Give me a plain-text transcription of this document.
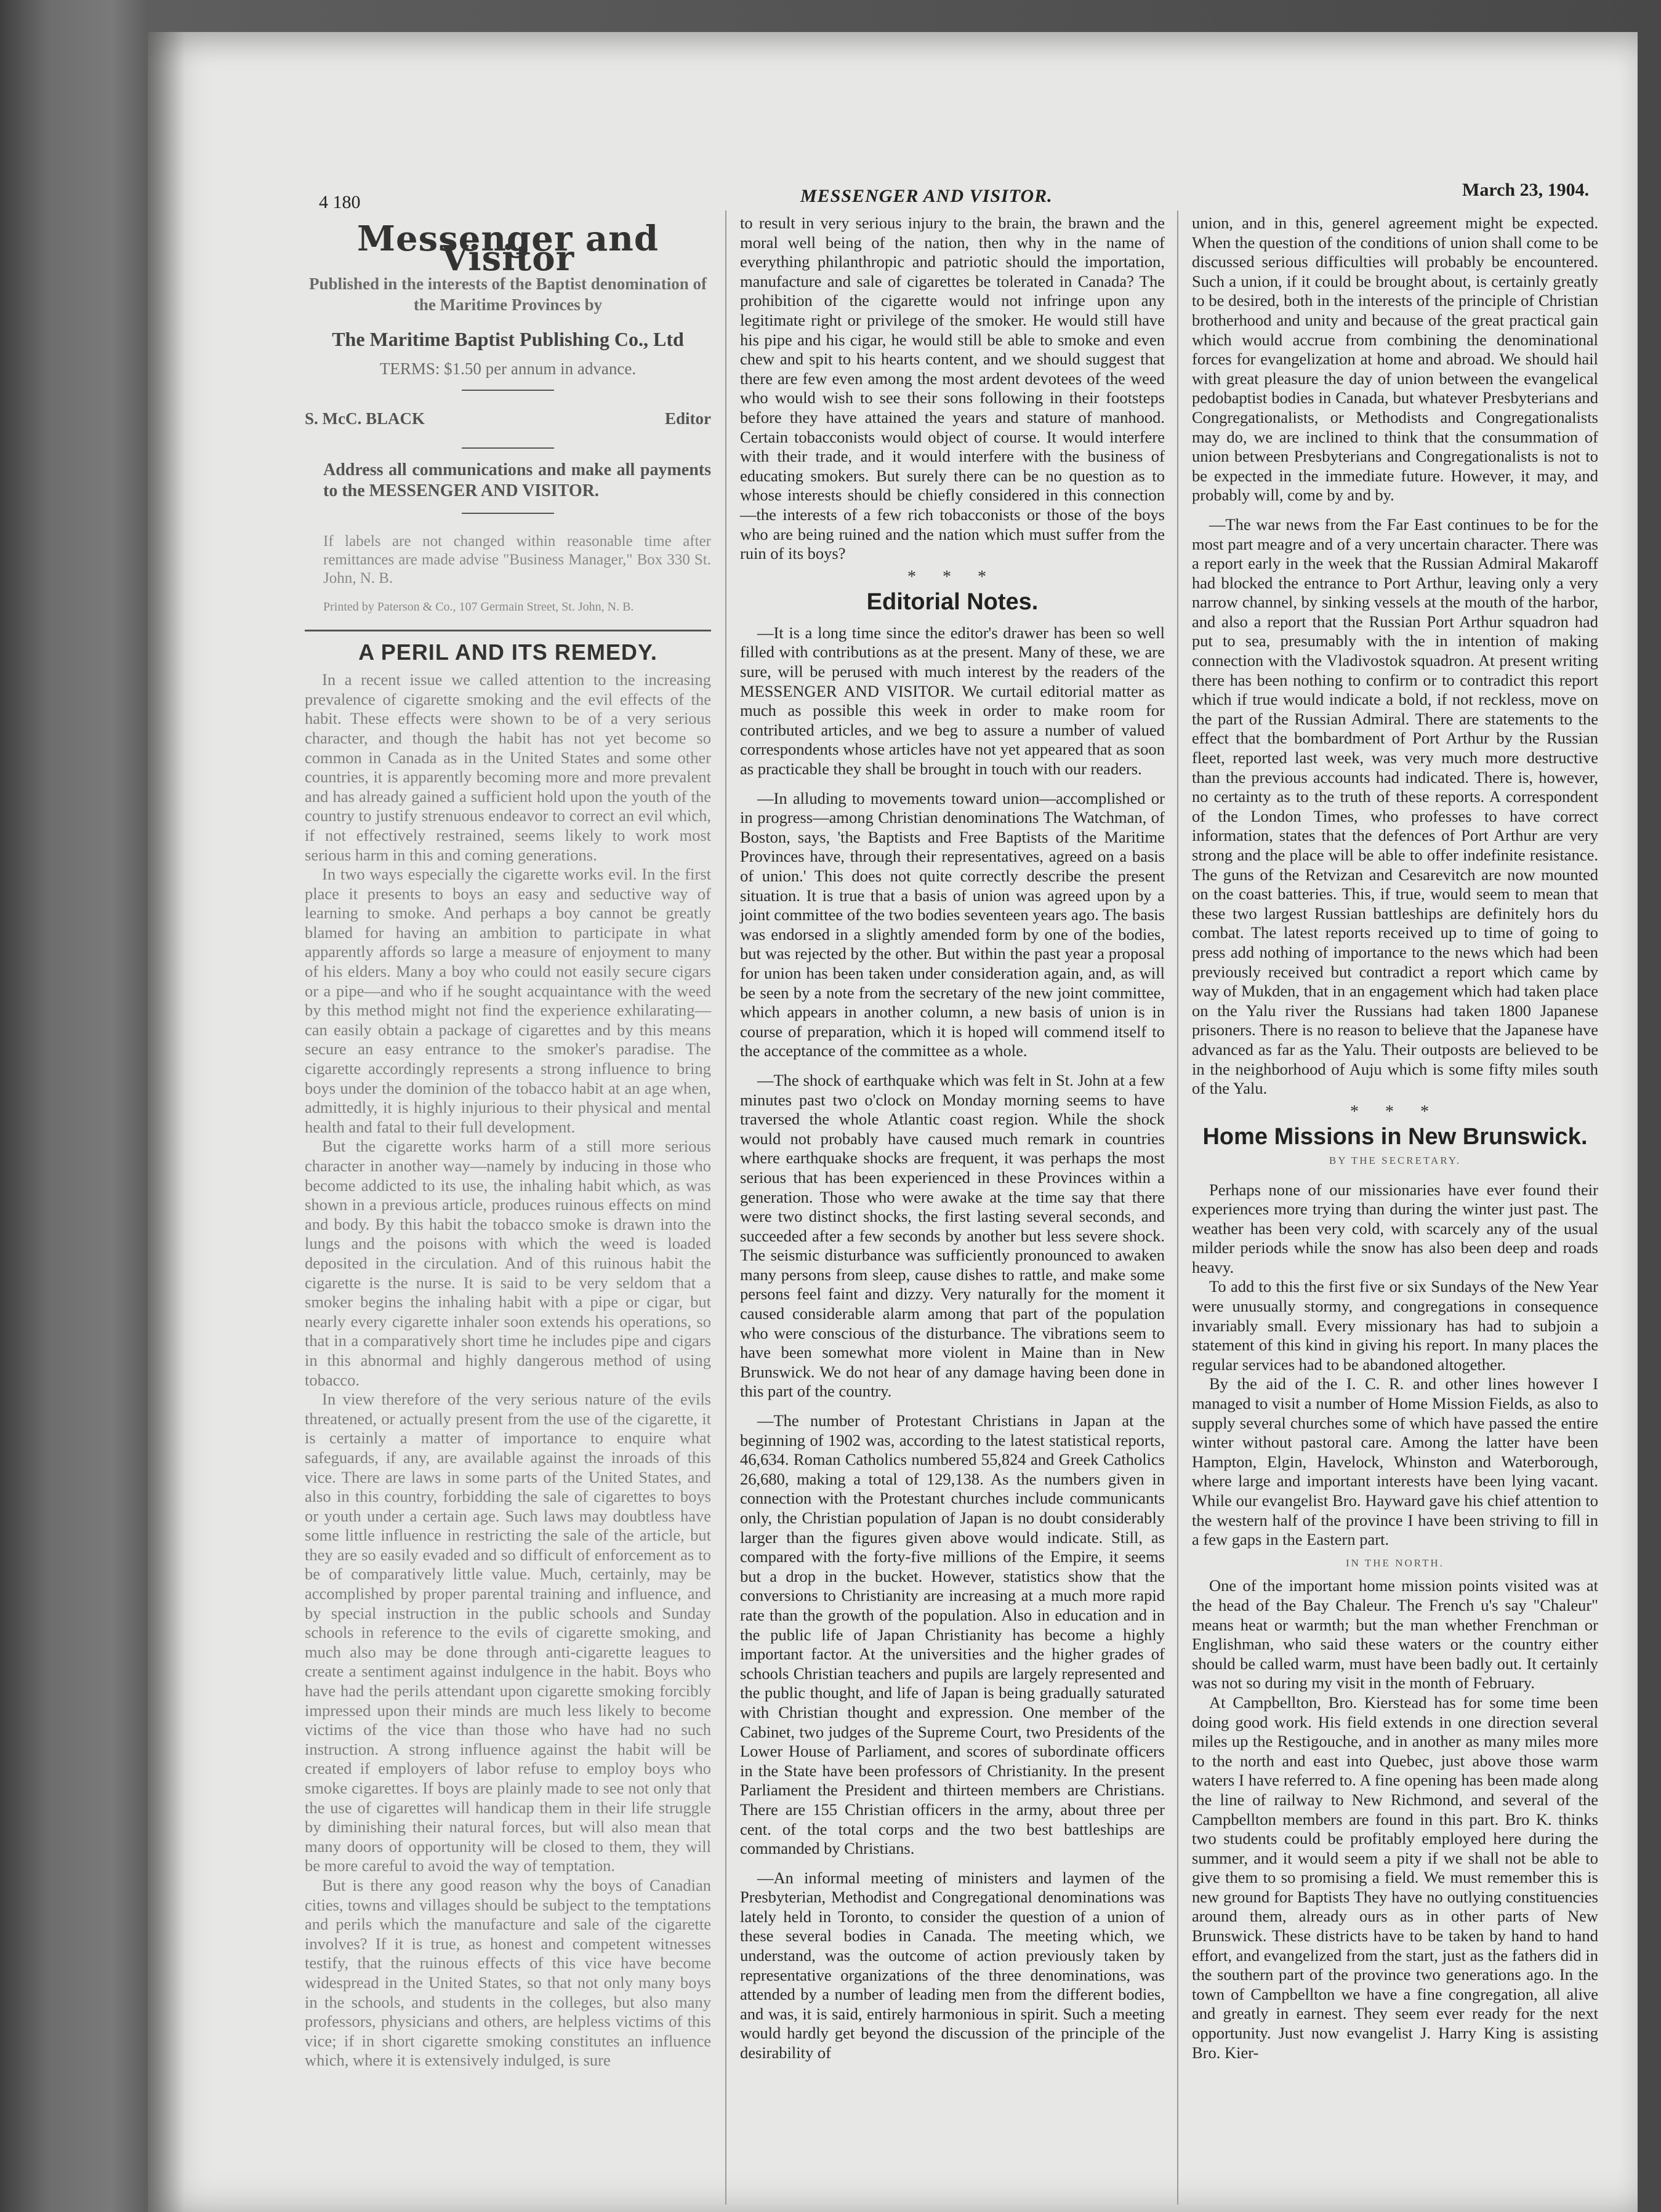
4 180	MESSENGER AND VISITOR.	March 23, 1904.
Messenger and Visitor
Published in the interests of the Baptist denomination of the Maritime Provinces by
The Maritime Baptist Publishing Co., Ltd
TERMS: $1.50 per annum in advance.
S. McC. BLACK	Editor
Address all communications and make all payments to the MESSENGER AND VISITOR.
If labels are not changed within reasonable time after remittances are made advise "Business Manager," Box 330 St. John, N. B.
Printed by Paterson & Co., 107 Germain Street, St. John, N. B.
A PERIL AND ITS REMEDY.

In a recent issue we called attention to the increasing prevalence of cigarette smoking and the evil effects of the habit. These effects were shown to be of a very serious character, and though the habit has not yet become so common in Canada as in the United States and some other countries, it is apparently becoming more and more prevalent and has already gained a sufficient hold upon the youth of the country to justify strenuous endeavor to correct an evil which, if not effectively restrained, seems likely to work most serious harm in this and coming generations.

In two ways especially the cigarette works evil. In the first place it presents to boys an easy and seductive way of learning to smoke. And perhaps a boy cannot be greatly blamed for having an ambition to participate in what apparently affords so large a measure of enjoyment to many of his elders. Many a boy who could not easily secure cigars or a pipe—and who if he sought acquaintance with the weed by this method might not find the experience exhilarating—can easily obtain a package of cigarettes and by this means secure an easy entrance to the smoker's paradise. The cigarette accordingly represents a strong influence to bring boys under the dominion of the tobacco habit at an age when, admittedly, it is highly injurious to their physical and mental health and fatal to their full development.

But the cigarette works harm of a still more serious character in another way—namely by inducing in those who become addicted to its use, the inhaling habit which, as was shown in a previous article, produces ruinous effects on mind and body. By this habit the tobacco smoke is drawn into the lungs and the poisons with which the weed is loaded deposited in the circulation. And of this ruinous habit the cigarette is the nurse. It is said to be very seldom that a smoker begins the inhaling habit with a pipe or cigar, but nearly every cigarette inhaler soon extends his operations, so that in a comparatively short time he includes pipe and cigars in this abnormal and highly dangerous method of using tobacco.

In view therefore of the very serious nature of the evils threatened, or actually present from the use of the cigarette, it is certainly a matter of importance to enquire what safeguards, if any, are available against the inroads of this vice. There are laws in some parts of the United States, and also in this country, forbidding the sale of cigarettes to boys or youth under a certain age. Such laws may doubtless have some little influence in restricting the sale of the article, but they are so easily evaded and so difficult of enforcement as to be of comparatively little value. Much, certainly, may be accomplished by proper parental training and influence, and by special instruction in the public schools and Sunday schools in reference to the evils of cigarette smoking, and much also may be done through anti-cigarette leagues to create a sentiment against indulgence in the habit. Boys who have had the perils attendant upon cigarette smoking forcibly impressed upon their minds are much less likely to become victims of the vice than those who have had no such instruction. A strong influence against the habit will be created if employers of labor refuse to employ boys who smoke cigarettes. If boys are plainly made to see not only that the use of cigarettes will handicap them in their life struggle by diminishing their natural forces, but will also mean that many doors of opportunity will be closed to them, they will be more careful to avoid the way of temptation.

But is there any good reason why the boys of Canadian cities, towns and villages should be subject to the temptations and perils which the manufacture and sale of the cigarette involves? If it is true, as honest and competent witnesses testify, that the ruinous effects of this vice have become widespread in the United States, so that not only many boys in the schools, and students in the colleges, but also many professors, physicians and others, are helpless victims of this vice; if in short cigarette smoking constitutes an influence which, where it is extensively indulged, is sure

to result in very serious injury to the brain, the brawn and the moral well being of the nation, then why in the name of everything philanthropic and patriotic should the importation, manufacture and sale of cigarettes be tolerated in Canada? The prohibition of the cigarette would not infringe upon any legitimate right or privilege of the smoker. He would still have his pipe and his cigar, he would still be able to smoke and even chew and spit to his hearts content, and we should suggest that there are few even among the most ardent devotees of the weed who would wish to see their sons following in their footsteps before they have attained the years and stature of manhood. Certain tobacconists would object of course. It would interfere with their trade, and it would interfere with the business of educating smokers. But surely there can be no question as to whose interests should be chiefly considered in this connection—the interests of a few rich tobacconists or those of the boys who are being ruined and the nation which must suffer from the ruin of its boys?

* * *
Editorial Notes.

—It is a long time since the editor's drawer has been so well filled with contributions as at the present. Many of these, we are sure, will be perused with much interest by the readers of the MESSENGER AND VISITOR. We curtail editorial matter as much as possible this week in order to make room for contributed articles, and we beg to assure a number of valued correspondents whose articles have not yet appeared that as soon as practicable they shall be brought in touch with our readers.

—In alluding to movements toward union—accomplished or in progress—among Christian denominations The Watchman, of Boston, says, 'the Baptists and Free Baptists of the Maritime Provinces have, through their representatives, agreed on a basis of union.' This does not quite correctly describe the present situation. It is true that a basis of union was agreed upon by a joint committee of the two bodies seventeen years ago. The basis was endorsed in a slightly amended form by one of the bodies, but was rejected by the other. But within the past year a proposal for union has been taken under consideration again, and, as will be seen by a note from the secretary of the new joint committee, which appears in another column, a new basis of union is in course of preparation, which it is hoped will commend itself to the acceptance of the committee as a whole.

—The shock of earthquake which was felt in St. John at a few minutes past two o'clock on Monday morning seems to have traversed the whole Atlantic coast region. While the shock would not probably have caused much remark in countries where earthquake shocks are frequent, it was perhaps the most serious that has been experienced in these Provinces within a generation. Those who were awake at the time say that there were two distinct shocks, the first lasting several seconds, and succeeded after a few seconds by another but less severe shock. The seismic disturbance was sufficiently pronounced to awaken many persons from sleep, cause dishes to rattle, and make some persons feel faint and dizzy. Very naturally for the moment it caused considerable alarm among that part of the population who were conscious of the disturbance. The vibrations seem to have been somewhat more violent in Maine than in New Brunswick. We do not hear of any damage having been done in this part of the country.

—The number of Protestant Christians in Japan at the beginning of 1902 was, according to the latest statistical reports, 46,634. Roman Catholics numbered 55,824 and Greek Catholics 26,680, making a total of 129,138. As the numbers given in connection with the Protestant churches include communicants only, the Christian population of Japan is no doubt considerably larger than the figures given above would indicate. Still, as compared with the forty-five millions of the Empire, it seems but a drop in the bucket. However, statistics show that the conversions to Christianity are increasing at a much more rapid rate than the growth of the population. Also in education and in the public life of Japan Christianity has become a highly important factor. At the universities and the higher grades of schools Christian teachers and pupils are largely represented and the public thought, and life of Japan is being gradually saturated with Christian thought and expression. One member of the Cabinet, two judges of the Supreme Court, two Presidents of the Lower House of Parliament, and scores of subordinate officers in the State have been professors of Christianity. In the present Parliament the President and thirteen members are Christians. There are 155 Christian officers in the army, about three per cent. of the total corps and the two best battleships are commanded by Christians.

—An informal meeting of ministers and laymen of the Presbyterian, Methodist and Congregational denominations was lately held in Toronto, to consider the question of a union of these several bodies in Canada. The meeting which, we understand, was the outcome of action previously taken by representative organizations of the three denominations, was attended by a number of leading men from the different bodies, and was, it is said, entirely harmonious in spirit. Such a meeting would hardly get beyond the discussion of the principle of the desirability of

union, and in this, generel agreement might be expected. When the question of the conditions of union shall come to be discussed serious difficulties will probably be encountered. Such a union, if it could be brought about, is certainly greatly to be desired, both in the interests of the principle of Christian brotherhood and unity and because of the great practical gain which would accrue from combining the denominational forces for evangelization at home and abroad. We should hail with great pleasure the day of union between the evangelical pedobaptist bodies in Canada, but whatever Presbyterians and Congregationalists, or Methodists and Congregationalists may do, we are inclined to think that the consummation of union between Presbyterians and Congregationalists is not to be expected in the immediate future. However, it may, and probably will, come by and by.

—The war news from the Far East continues to be for the most part meagre and of a very uncertain character. There was a report early in the week that the Russian Admiral Makaroff had blocked the entrance to Port Arthur, leaving only a very narrow channel, by sinking vessels at the mouth of the harbor, and also a report that the Russian Port Arthur squadron had put to sea, presumably with the in intention of making connection with the Vladivostok squadron. At present writing there has been nothing to confirm or to contradict this report which if true would indicate a bold, if not reckless, move on the part of the Russian Admiral. There are statements to the effect that the bombardment of Port Arthur by the Russian fleet, reported last week, was very much more destructive than the previous accounts had indicated. There is, however, no certainty as to the truth of these reports. A correspondent of the London Times, who professes to have correct information, states that the defences of Port Arthur are very strong and the place will be able to offer indefinite resistance. The guns of the Retvizan and Cesarevitch are now mounted on the coast batteries. This, if true, would seem to mean that these two largest Russian battleships are definitely hors du combat. The latest reports received up to time of going to press add nothing of importance to the news which had been previously received but contradict a report which came by way of Mukden, that in an engagement which had taken place on the Yalu river the Russians had taken 1800 Japanese prisoners. There is no reason to believe that the Japanese have advanced as far as the Yalu. Their outposts are believed to be in the neighborhood of Auju which is some fifty miles south of the Yalu.

* * *
Home Missions in New Brunswick.
BY THE SECRETARY.

Perhaps none of our missionaries have ever found their experiences more trying than during the winter just past. The weather has been very cold, with scarcely any of the usual milder periods while the snow has also been deep and roads heavy.

To add to this the first five or six Sundays of the New Year were unusually stormy, and congregations in consequence invariably small. Every missionary has had to subjoin a statement of this kind in giving his report. In many places the regular services had to be abandoned altogether.

By the aid of the I. C. R. and other lines however I managed to visit a number of Home Mission Fields, as also to supply several churches some of which have passed the entire winter without pastoral care. Among the latter have been Hampton, Elgin, Havelock, Whinston and Waterborough, where large and important interests have been lying vacant. While our evangelist Bro. Hayward gave his chief attention to the western half of the province I have been striving to fill in a few gaps in the Eastern part.

IN THE NORTH.

One of the important home mission points visited was at the head of the Bay Chaleur. The French u's say "Chaleur" means heat or warmth; but the man whether Frenchman or Englishman, who said these waters or the country either should be called warm, must have been badly out. It certainly was not so during my visit in the month of February.

At Campbellton, Bro. Kierstead has for some time been doing good work. His field extends in one direction several miles up the Restigouche, and in another as many miles more to the north and east into Quebec, just above those warm waters I have referred to. A fine opening has been made along the line of railway to New Richmond, and several of the Campbellton members are found in this part. Bro K. thinks two students could be profitably employed here during the summer, and it would seem a pity if we shall not be able to give them to so promising a field. We must remember this is new ground for Baptists They have no outlying constituencies around them, already ours as in other parts of New Brunswick. These districts have to be taken by hand to hand effort, and evangelized from the start, just as the fathers did in the southern part of the province two generations ago. In the town of Campbellton we have a fine congregation, all alive and greatly in earnest. They seem ever ready for the next opportunity. Just now evangelist J. Harry King is assisting Bro. Kier-
